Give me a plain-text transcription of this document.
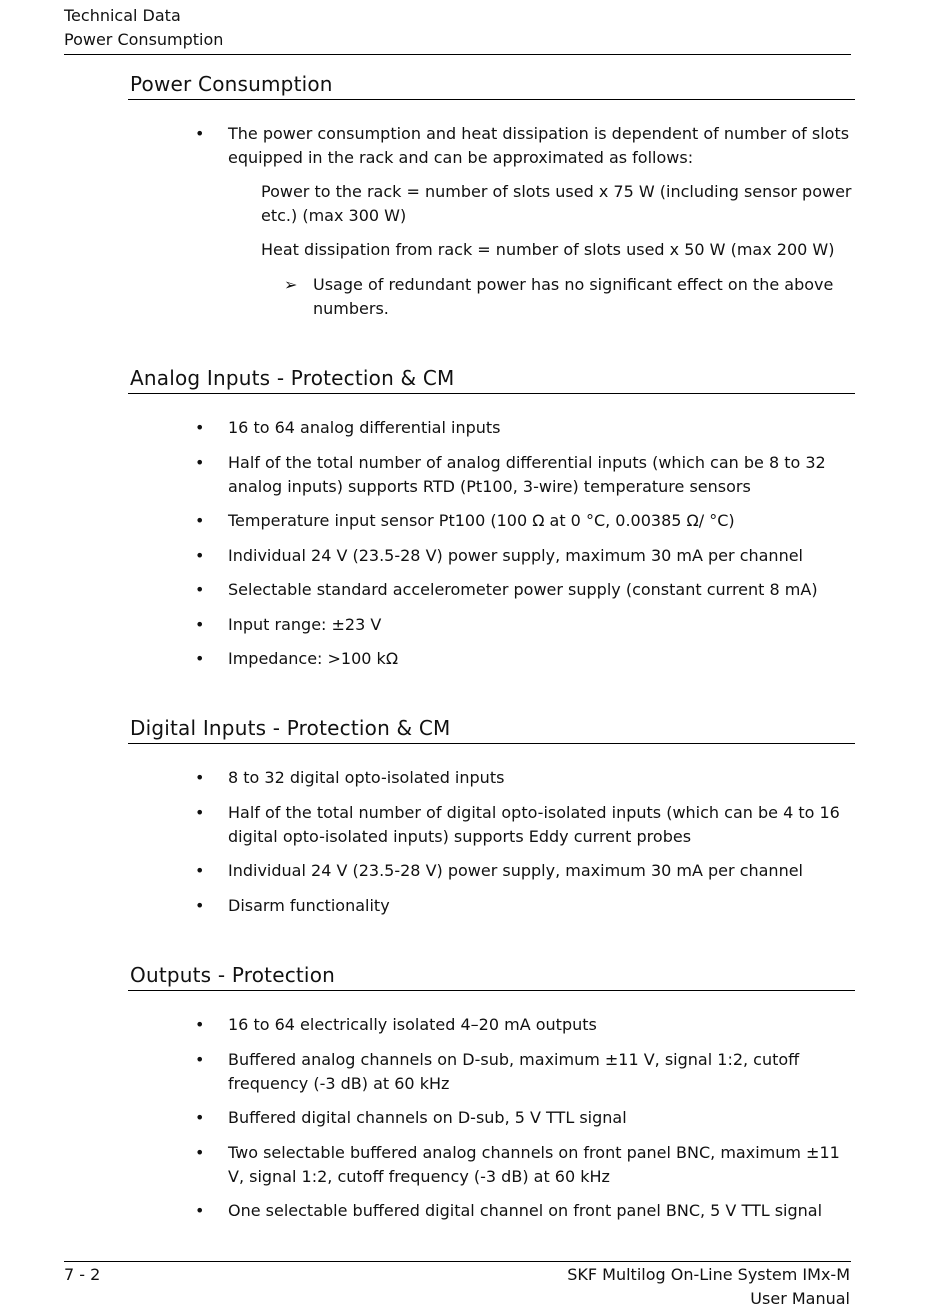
Technical Data
Power Consumption
Power Consumption
• The power consumption and heat dissipation is dependent of number of slots equipped in the rack and can be approximated as follows:
Power to the rack = number of slots used x 75 W (including sensor power etc.) (max 300 W)
Heat dissipation from rack = number of slots used x 50 W (max 200 W)
➢ Usage of redundant power has no significant effect on the above numbers.
Analog Inputs - Protection & CM
• 16 to 64 analog differential inputs
• Half of the total number of analog differential inputs (which can be 8 to 32 analog inputs) supports RTD (Pt100, 3-wire) temperature sensors
• Temperature input sensor Pt100 (100 Ω at 0 °C, 0.00385 Ω/ °C)
• Individual 24 V (23.5-28 V) power supply, maximum 30 mA per channel
• Selectable standard accelerometer power supply (constant current 8 mA)
• Input range: ±23 V
• Impedance: >100 kΩ
Digital Inputs - Protection & CM
• 8 to 32 digital opto-isolated inputs
• Half of the total number of digital opto-isolated inputs (which can be 4 to 16 digital opto-isolated inputs) supports Eddy current probes
• Individual 24 V (23.5-28 V) power supply, maximum 30 mA per channel
• Disarm functionality
Outputs - Protection
• 16 to 64 electrically isolated 4–20 mA outputs
• Buffered analog channels on D-sub, maximum ±11 V, signal 1:2, cutoff frequency (-3 dB) at 60 kHz
• Buffered digital channels on D-sub, 5 V TTL signal
• Two selectable buffered analog channels on front panel BNC, maximum ±11 V, signal 1:2, cutoff frequency (-3 dB) at 60 kHz
• One selectable buffered digital channel on front panel BNC, 5 V TTL signal
7 - 2	SKF Multilog On-Line System IMx-M
User Manual
